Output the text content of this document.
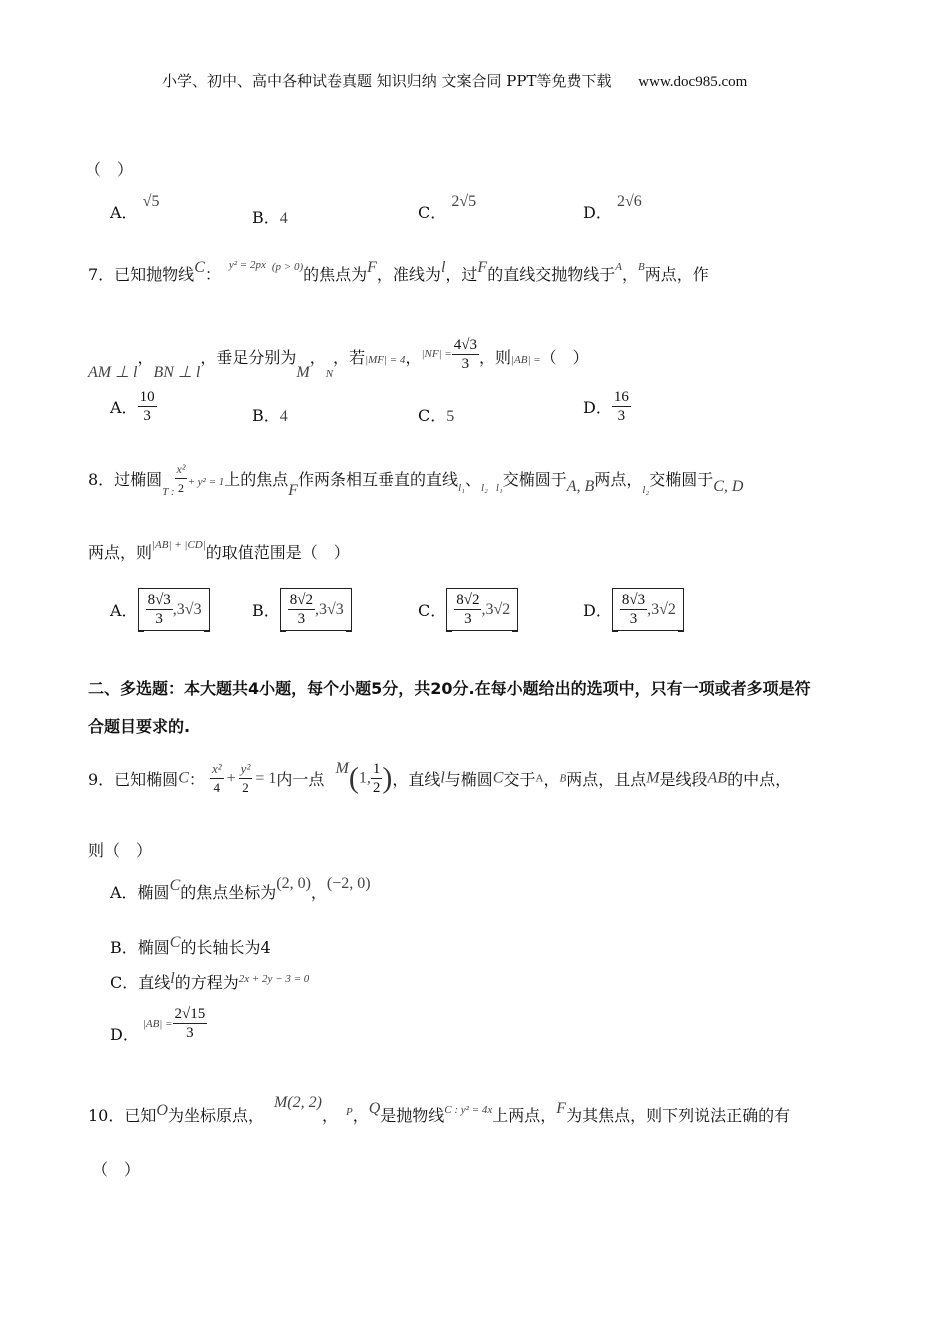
小学、初中、高中各种试卷真题 知识归纳 文案合同 PPT等免费下载 www.doc985.com
（　）
A． √5
B．4	C． 2√5
D． 2√6
7．已知抛物线C： $^{y^2 = 2px}$ $^{(p > 0)}$的焦点为F，准线为l，过F的直线交抛物线于$^A$，$^B$两点，作
AM ⊥ l，BN ⊥ l，垂足分别为M，$_N$，若|MF| = 4，$^{|NF| =} \frac{4√3}{3}$ ，则|AB| =（　）
A． $\frac{10}{3}$	B．4	C．5	D． $\frac{16}{3}$
8．过椭圆$_{T :} \frac{\text{x²}}{2} + y^2 = 1$上的焦点F作两条相互垂直的直线$_{l_1}$、$_{l_2}$ $_{l_1}$交椭圆于A, B两点，$_{l_2}$交椭圆于C, D
两点，则$^{|AB| + |CD|}$的取值范围是（　）
A． $\frac{8√3}{3} ,3√3$	B． $\frac{8√2}{3} ,3√3$	C． $\frac{8√2}{3} ,3√2$	D． $\frac{8√3}{3} ,3√2$
二、多选题：本大题共4小题，每个小题5分，共20分.在每小题给出的选项中，只有一项或者多项是符
合题目要求的.
9．已知椭圆C： $\frac{\text{x²}}{4} + \frac{\text{y²}}{2} = 1$内一点 M(1, $\frac{1}{2}$ )，直线l与椭圆C交于A，B两点，且点M是线段AB的中点，
则（　）
A．椭圆C的焦点坐标为(2, 0)，(−2, 0)
B．椭圆C的长轴长为4
C．直线l的方程为$^{2x + 2y - 3 = 0}$
D．$|AB| = \frac{2√15}{3}$
10．已知O为坐标原点，M(2, 2)， $^P$，Q是抛物线$^{C : y^2 = 4x}$上两点，F为其焦点，则下列说法正确的有
（　）
